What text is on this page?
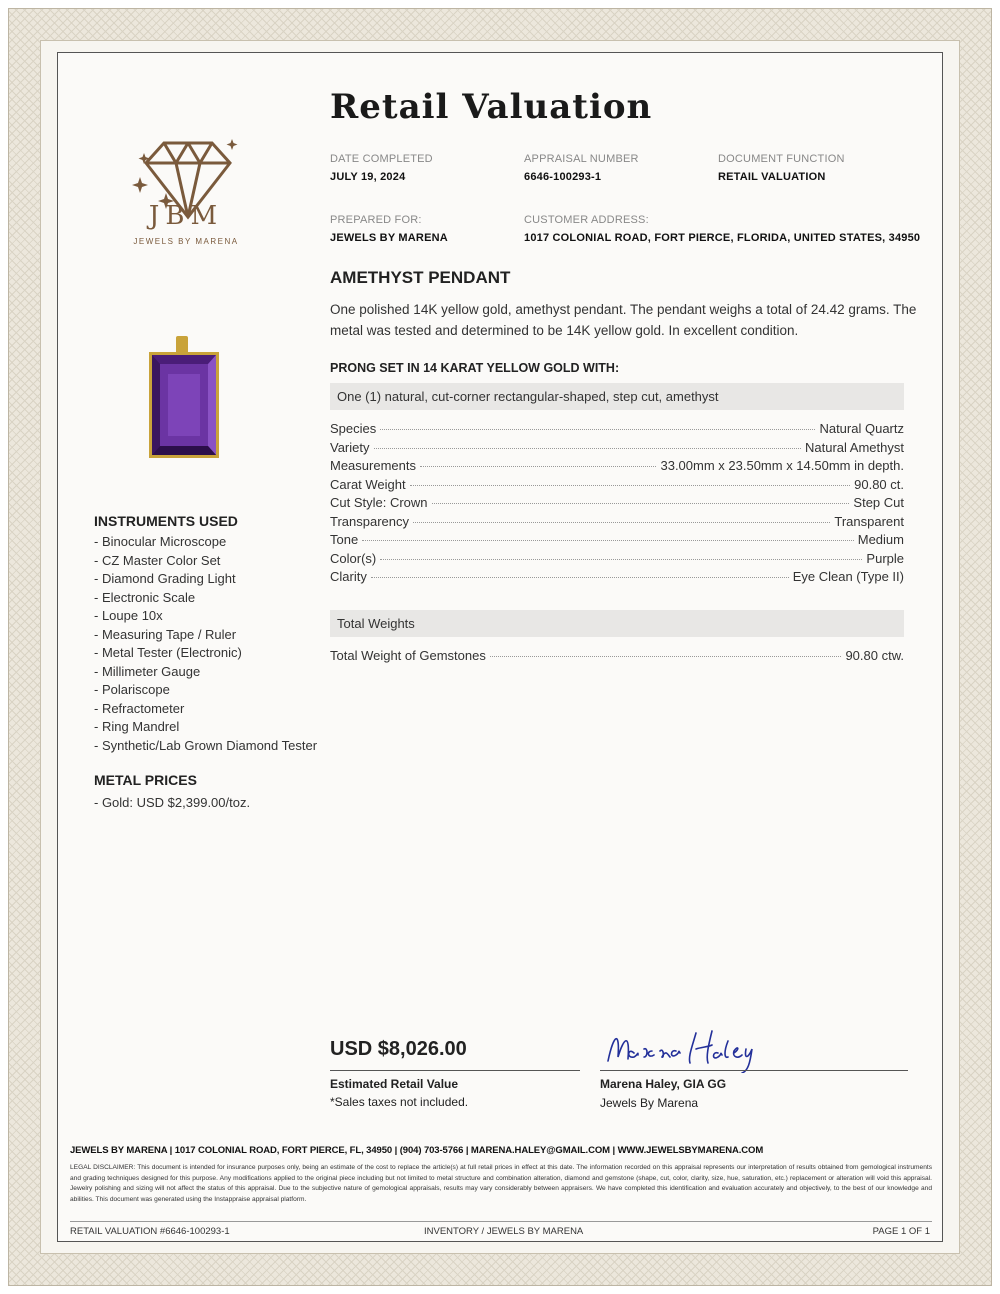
JBM
JEWELS BY MARENA
Retail Valuation
DATE COMPLETED
JULY 19, 2024
APPRAISAL NUMBER
6646-100293-1
DOCUMENT FUNCTION
RETAIL VALUATION
PREPARED FOR:
JEWELS BY MARENA
CUSTOMER ADDRESS:
1017 COLONIAL ROAD, FORT PIERCE, FLORIDA, UNITED STATES, 34950
AMETHYST PENDANT
One polished 14K yellow gold, amethyst pendant. The pendant weighs a total of 24.42 grams. The metal was tested and determined to be 14K yellow gold. In excellent condition.
PRONG SET IN 14 KARAT YELLOW GOLD WITH:
One (1) natural, cut-corner rectangular-shaped, step cut, amethyst
Species	Natural Quartz
Variety	Natural Amethyst
Measurements	33.00mm x 23.50mm x 14.50mm in depth.
Carat Weight	90.80 ct.
Cut Style: Crown	Step Cut
Transparency	Transparent
Tone	Medium
Color(s)	Purple
Clarity	Eye Clean (Type II)
Total Weights
Total Weight of Gemstones	90.80 ctw.
INSTRUMENTS USED
- Binocular Microscope
- CZ Master Color Set
- Diamond Grading Light
- Electronic Scale
- Loupe 10x
- Measuring Tape / Ruler
- Metal Tester (Electronic)
- Millimeter Gauge
- Polariscope
- Refractometer
- Ring Mandrel
- Synthetic/Lab Grown Diamond Tester
METAL PRICES
- Gold: USD $2,399.00/toz.
USD $8,026.00
Estimated Retail Value
*Sales taxes not included.
Marena Haley, GIA GG
Jewels By Marena
JEWELS BY MARENA | 1017 COLONIAL ROAD, FORT PIERCE, FL, 34950 | (904) 703-5766 | MARENA.HALEY@GMAIL.COM | WWW.JEWELSBYMARENA.COM
LEGAL DISCLAIMER: This document is intended for insurance purposes only, being an estimate of the cost to replace the article(s) at full retail prices in effect at this date. The information recorded on this appraisal represents our interpretation of results obtained from gemological instruments and grading techniques designed for this purpose. Any modifications applied to the original piece including but not limited to metal structure and combination alteration, diamond and gemstone (shape, cut, color, clarity, size, hue, saturation, etc.) replacement or alteration will void this appraisal. Jewelry polishing and sizing will not affect the status of this appraisal. Due to the subjective nature of gemological appraisals, results may vary considerably between appraisers. We have completed this identification and evaluation accurately and objectively, to the best of our knowledge and abilities. This document was generated using the Instappraise appraisal platform.
RETAIL VALUATION #6646-100293-1	INVENTORY / JEWELS BY MARENA	PAGE 1 OF 1
